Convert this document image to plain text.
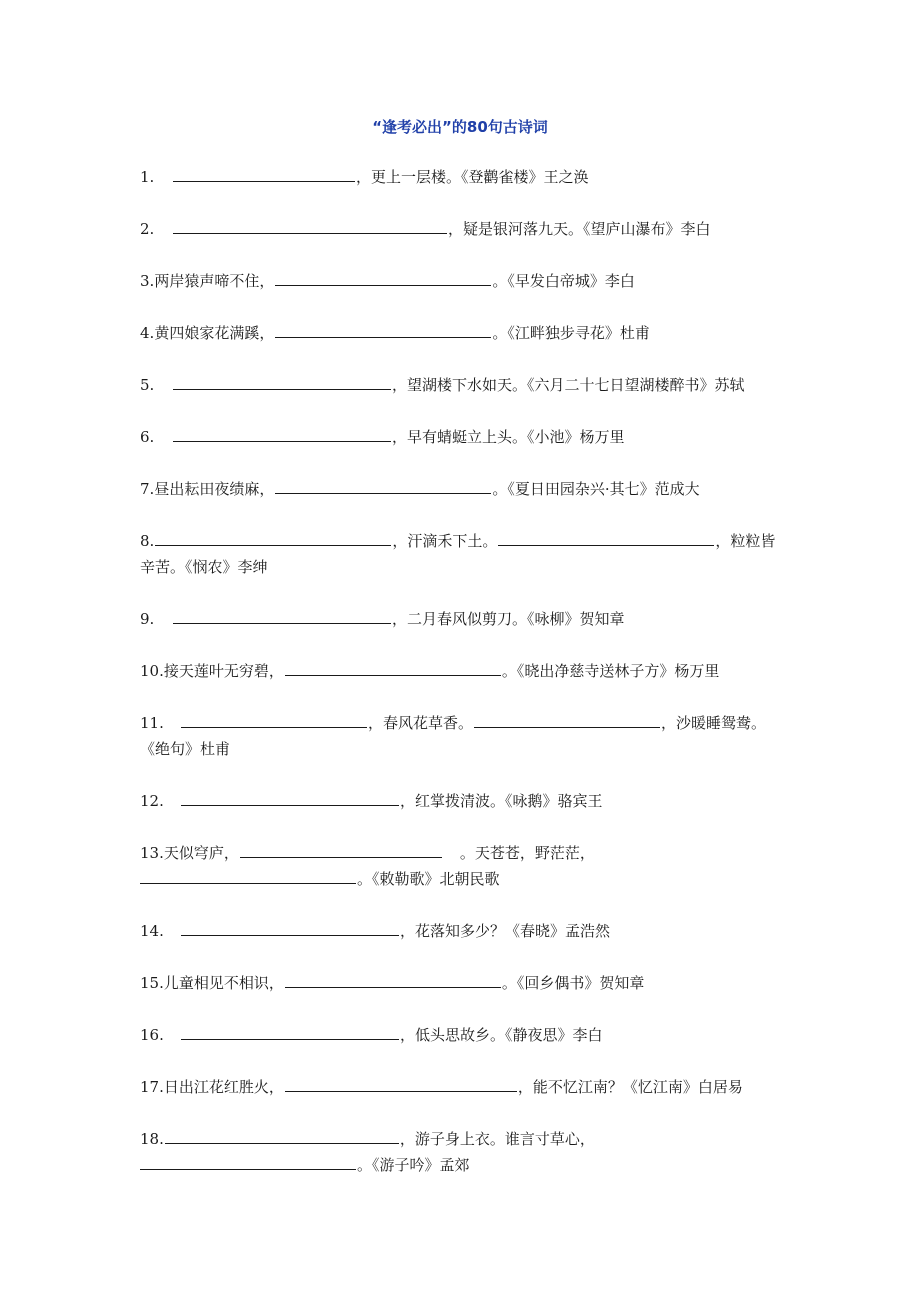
“逢考必出”的80句古诗词
1.	，更上一层楼。《登鹳雀楼》王之涣
2.	，疑是银河落九天。《望庐山瀑布》李白
3.两岸猿声啼不住，	。《早发白帝城》李白
4.黄四娘家花满蹊，	。《江畔独步寻花》杜甫
5.	，望湖楼下水如天。《六月二十七日望湖楼醉书》苏轼
6.	，早有蜻蜓立上头。《小池》杨万里
7.昼出耘田夜绩麻，	。《夏日田园杂兴·其七》范成大
8.	，汗滴禾下土。	，粒粒皆
辛苦。《悯农》李绅
9.	，二月春风似剪刀。《咏柳》贺知章
10.接天莲叶无穷碧，	。《晓出净慈寺送林子方》杨万里
11.	，春风花草香。	，沙暖睡鸳鸯。
《绝句》杜甫
12.	，红掌拨清波。《咏鹅》骆宾王
13.天似穹庐，	。天苍苍，野茫茫，
。《敕勒歌》北朝民歌
14.	，花落知多少？《春晓》孟浩然
15.儿童相见不相识，	。《回乡偶书》贺知章
16.	，低头思故乡。《静夜思》李白
17.日出江花红胜火，	，能不忆江南？《忆江南》白居易
18.	，游子身上衣。谁言寸草心，
。《游子吟》孟郊
